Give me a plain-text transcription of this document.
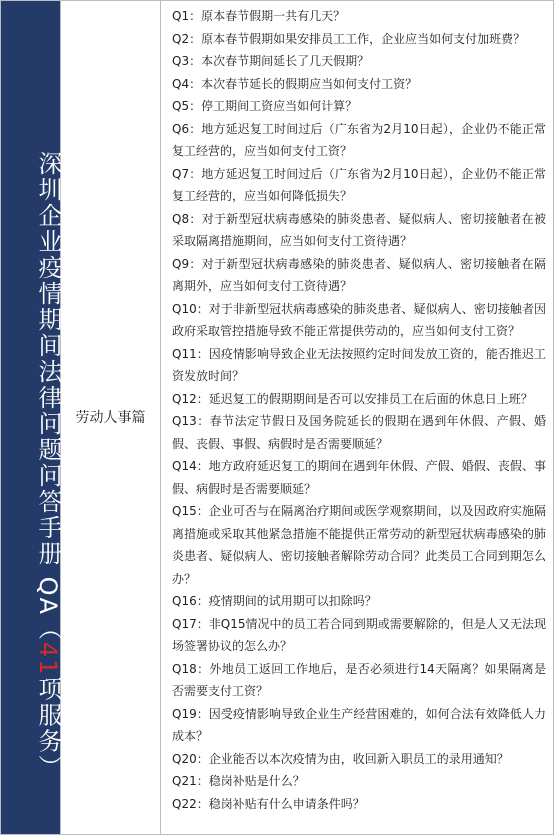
深圳企业疫情期间法律问题问答手册 QA（41项服务）
劳动人事篇

Q1：原本春节假期一共有几天？

Q2：原本春节假期如果安排员工工作，企业应当如何支付加班费？

Q3：本次春节期间延长了几天假期？

Q4：本次春节延长的假期应当如何支付工资？

Q5：停工期间工资应当如何计算？

Q6：地方延迟复工时间过后（广东省为2月10日起），企业仍不能正常复工经营的，应当如何支付工资？

Q7：地方延迟复工时间过后（广东省为2月10日起），企业仍不能正常复工经营的，应当如何降低损失？

Q8：对于新型冠状病毒感染的肺炎患者、疑似病人、密切接触者在被采取隔离措施期间，应当如何支付工资待遇？

Q9：对于新型冠状病毒感染的肺炎患者、疑似病人、密切接触者在隔离期外，应当如何支付工资待遇？

Q10：对于非新型冠状病毒感染的肺炎患者、疑似病人、密切接触者因政府采取管控措施导致不能正常提供劳动的，应当如何支付工资？

Q11：因疫情影响导致企业无法按照约定时间发放工资的，能否推迟工资发放时间？

Q12：延迟复工的假期期间是否可以安排员工在后面的休息日上班？

Q13：春节法定节假日及国务院延长的假期在遇到年休假、产假、婚假、丧假、事假、病假时是否需要顺延？

Q14：地方政府延迟复工的期间在遇到年休假、产假、婚假、丧假、事假、病假时是否需要顺延？

Q15：企业可否与在隔离治疗期间或医学观察期间，以及因政府实施隔离措施或采取其他紧急措施不能提供正常劳动的新型冠状病毒感染的肺炎患者、疑似病人、密切接触者解除劳动合同？此类员工合同到期怎么办？

Q16：疫情期间的试用期可以扣除吗？

Q17：非Q15情况中的员工若合同到期或需要解除的，但是人又无法现场签署协议的怎么办？

Q18：外地员工返回工作地后，是否必须进行14天隔离？如果隔离是否需要支付工资？

Q19：因受疫情影响导致企业生产经营困难的，如何合法有效降低人力成本？

Q20：企业能否以本次疫情为由，收回新入职员工的录用通知？

Q21：稳岗补贴是什么？

Q22：稳岗补贴有什么申请条件吗？
